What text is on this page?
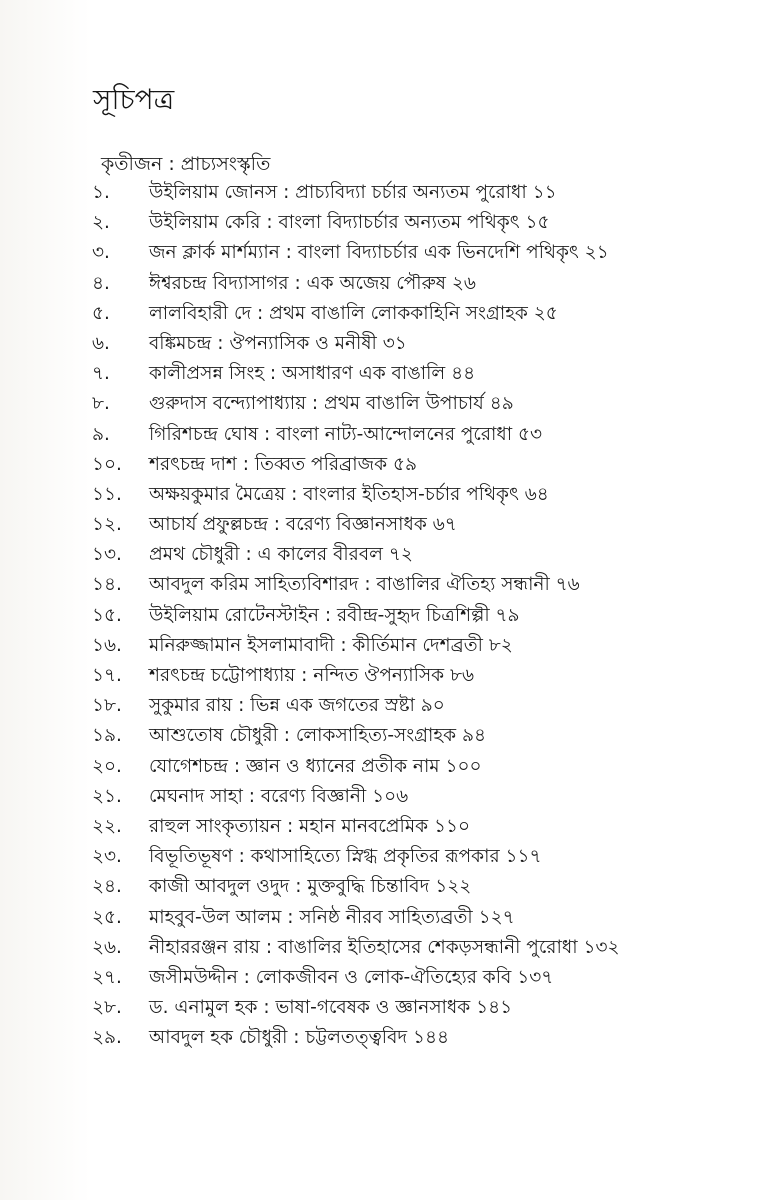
সূচিপত্র
কৃতীজন : প্রাচ্যসংস্কৃতি
১.	উইলিয়াম জোনস : প্রাচ্যবিদ্যা চর্চার অন্যতম পুরোধা ১১
২.	উইলিয়াম কেরি : বাংলা বিদ্যাচর্চার অন্যতম পথিকৃৎ ১৫
৩.	জন ক্লার্ক মার্শম্যান : বাংলা বিদ্যাচর্চার এক ভিনদেশি পথিকৃৎ ২১
৪.	ঈশ্বরচন্দ্র বিদ্যাসাগর : এক অজেয় পৌরুষ ২৬
৫.	লালবিহারী দে : প্রথম বাঙালি লোককাহিনি সংগ্রাহক ২৫
৬.	বঙ্কিমচন্দ্র : ঔপন্যাসিক ও মনীষী ৩১
৭.	কালীপ্রসন্ন সিংহ : অসাধারণ এক বাঙালি ৪৪
৮.	গুরুদাস বন্দ্যোপাধ্যায় : প্রথম বাঙালি উপাচার্য ৪৯
৯.	গিরিশচন্দ্র ঘোষ : বাংলা নাট্য-আন্দোলনের পুরোধা ৫৩
১০.	শরৎচন্দ্র দাশ : তিব্বত পরিব্রাজক ৫৯
১১.	অক্ষয়কুমার মৈত্রেয় : বাংলার ইতিহাস-চর্চার পথিকৃৎ ৬৪
১২.	আচার্য প্রফুল্লচন্দ্র : বরেণ্য বিজ্ঞানসাধক ৬৭
১৩.	প্রমথ চৌধুরী : এ কালের বীরবল ৭২
১৪.	আবদুল করিম সাহিত্যবিশারদ : বাঙালির ঐতিহ্য সন্ধানী ৭৬
১৫.	উইলিয়াম রোটেনস্টাইন : রবীন্দ্র-সুহৃদ চিত্রশিল্পী ৭৯
১৬.	মনিরুজ্জামান ইসলামাবাদী : কীর্তিমান দেশব্রতী ৮২
১৭.	শরৎচন্দ্র চট্টোপাধ্যায় : নন্দিত ঔপন্যাসিক ৮৬
১৮.	সুকুমার রায় : ভিন্ন এক জগতের স্রষ্টা ৯০
১৯.	আশুতোষ চৌধুরী : লোকসাহিত্য-সংগ্রাহক ৯৪
২০.	যোগেশচন্দ্র : জ্ঞান ও ধ্যানের প্রতীক নাম ১০০
২১.	মেঘনাদ সাহা : বরেণ্য বিজ্ঞানী ১০৬
২২.	রাহুল সাংকৃত্যায়ন : মহান মানবপ্রেমিক ১১০
২৩.	বিভূতিভূষণ : কথাসাহিত্যে স্নিগ্ধ প্রকৃতির রূপকার ১১৭
২৪.	কাজী আবদুল ওদুদ : মুক্তবুদ্ধি চিন্তাবিদ ১২২
২৫.	মাহবুব-উল আলম : সনিষ্ঠ নীরব সাহিত্যব্রতী ১২৭
২৬.	নীহাররঞ্জন রায় : বাঙালির ইতিহাসের শেকড়সন্ধানী পুরোধা ১৩২
২৭.	জসীমউদ্দীন : লোকজীবন ও লোক-ঐতিহ্যের কবি ১৩৭
২৮.	ড. এনামুল হক : ভাষা-গবেষক ও জ্ঞানসাধক ১৪১
২৯.	আবদুল হক চৌধুরী : চট্টলতত্ত্ববিদ ১৪৪
